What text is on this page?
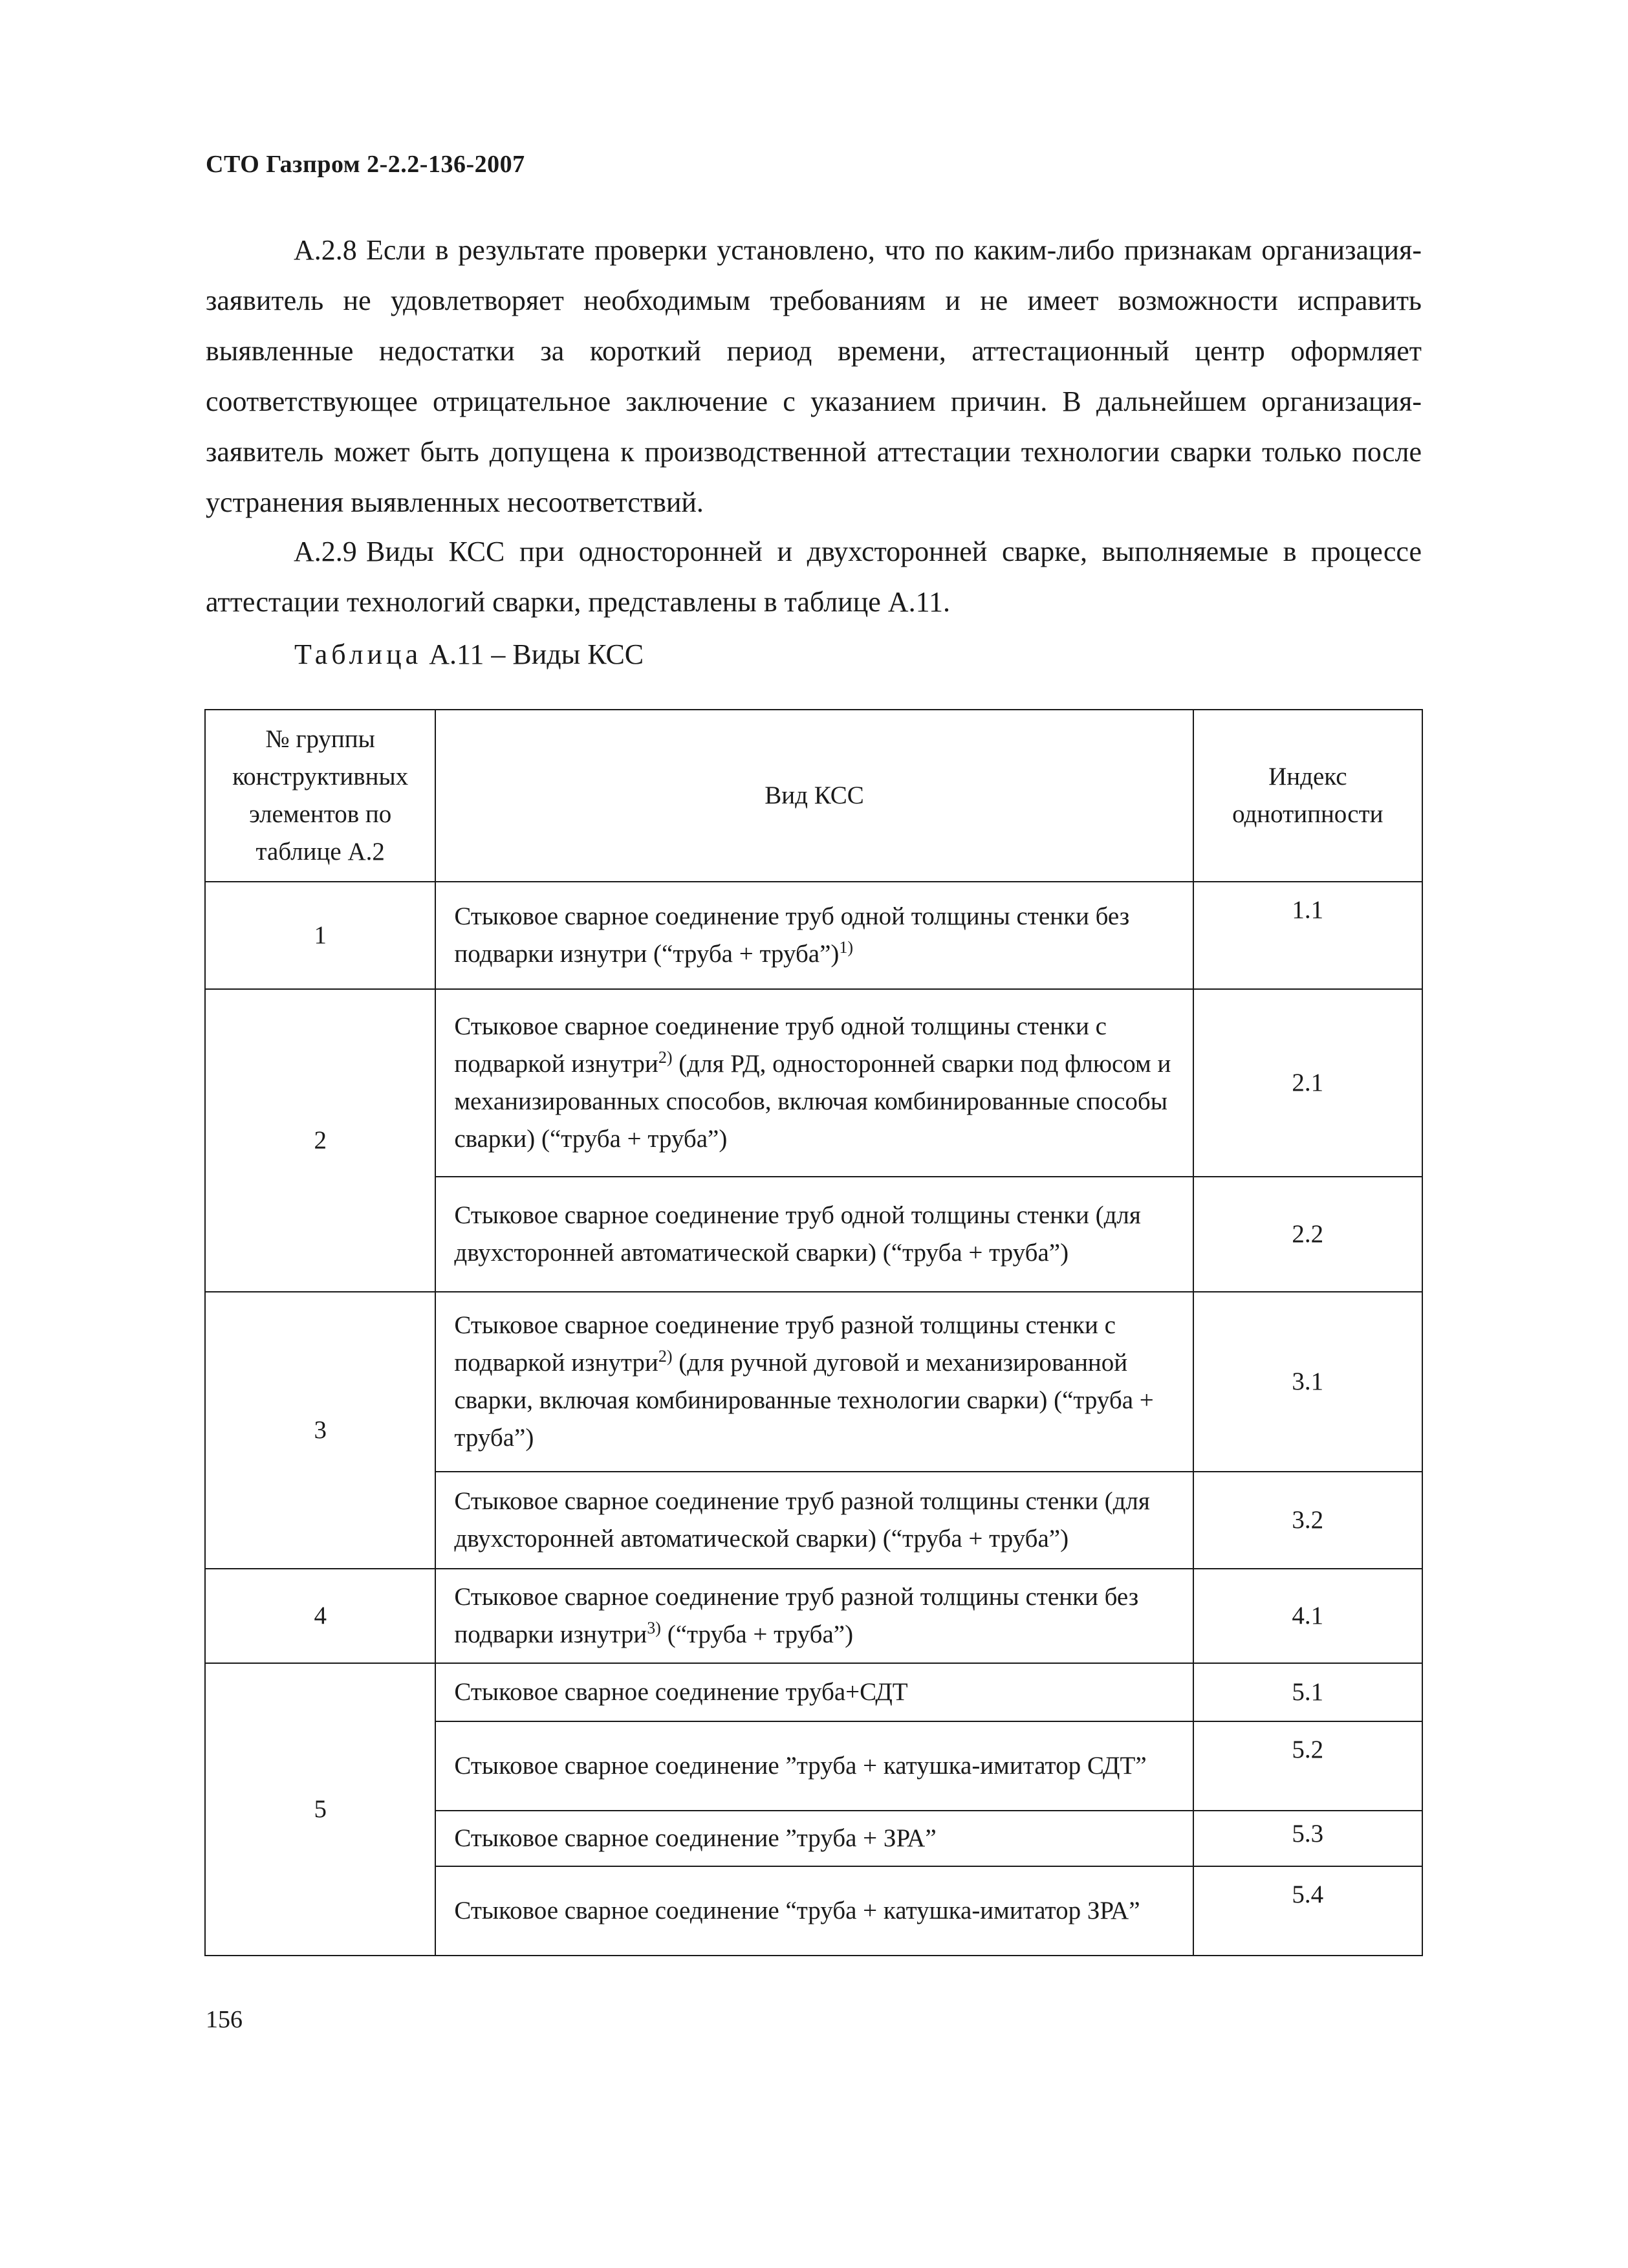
СТО Газпром 2-2.2-136-2007
А.2.8 Если в результате проверки установлено, что по каким-либо признакам организация-заявитель не удовлетворяет необходимым требованиям и не имеет возможности исправить выявленные недостатки за короткий период времени, аттестационный центр оформляет соответствующее отрицательное заключение с указанием причин. В дальнейшем организация-заявитель может быть допущена к производственной аттестации технологии сварки только после устранения выявленных несоответствий.
А.2.9 Виды КСС при односторонней и двухсторонней сварке, выполняемые в процессе аттестации технологий сварки, представлены в таблице А.11.
Таблица А.11 – Виды КСС
№ группы конструктивных элементов по таблице А.2	Вид КСС	Индекс однотипности
1	Стыковое сварное соединение труб одной толщины стенки без подварки изнутри (“труба + труба”)$^{1)}$	1.1
2	Стыковое сварное соединение труб одной толщины стенки с подваркой изнутри$^{2)}$ (для РД, односторонней сварки под флюсом и механизированных способов, включая комбинированные способы сварки) (“труба + труба”)	2.1
	Стыковое сварное соединение труб одной толщины стенки (для двухсторонней автоматической сварки) (“труба + труба”)	2.2
3	Стыковое сварное соединение труб разной толщины стенки с подваркой изнутри$^{2)}$ (для ручной дуговой и механизированной сварки, включая комбинированные технологии сварки) (“труба + труба”)	3.1
	Стыковое сварное соединение труб разной толщины стенки (для двухсторонней автоматической сварки) (“труба + труба”)	3.2
4	Стыковое сварное соединение труб разной толщины стенки без подварки изнутри$^{3)}$ (“труба + труба”)	4.1
5	Стыковое сварное соединение труба+СДТ	5.1
	Стыковое сварное соединение ”труба + катушка-имитатор СДТ”	5.2
	Стыковое сварное соединение ”труба + ЗРА”	5.3
	Стыковое сварное соединение “труба + катушка-имитатор ЗРА”	5.4
156
